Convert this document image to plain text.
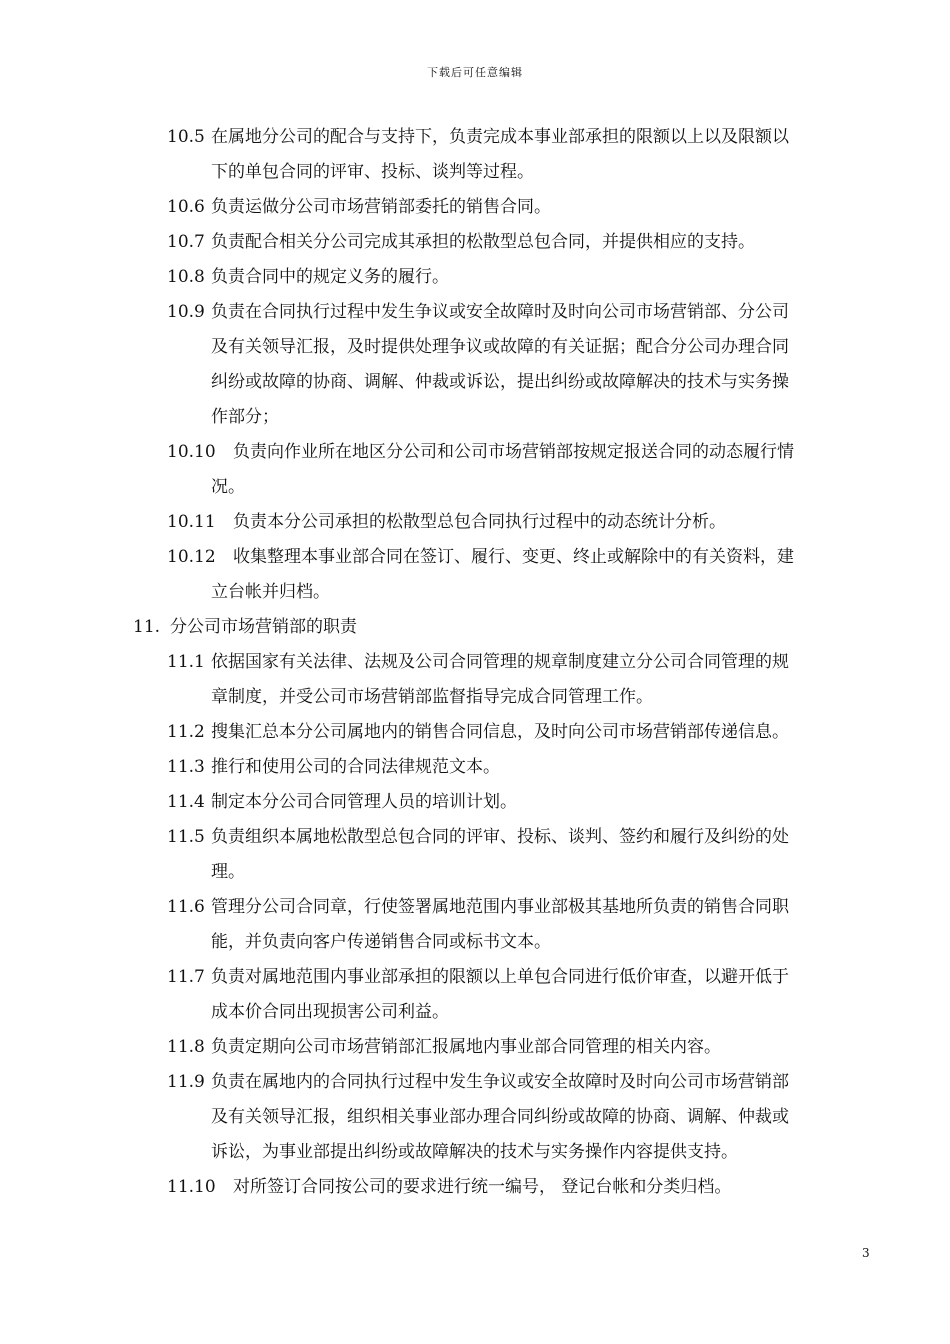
下载后可任意编辑
10.5 在属地分公司的配合与支持下，负责完成本事业部承担的限额以上以及限额以
下的单包合同的评审、投标、谈判等过程。
10.6 负责运做分公司市场营销部委托的销售合同。
10.7 负责配合相关分公司完成其承担的松散型总包合同，并提供相应的支持。
10.8 负责合同中的规定义务的履行。
10.9 负责在合同执行过程中发生争议或安全故障时及时向公司市场营销部、分公司
及有关领导汇报，及时提供处理争议或故障的有关证据；配合分公司办理合同
纠纷或故障的协商、调解、仲裁或诉讼，提出纠纷或故障解决的技术与实务操
作部分；
10.10	负责向作业所在地区分公司和公司市场营销部按规定报送合同的动态履行情
况。
10.11	负责本分公司承担的松散型总包合同执行过程中的动态统计分析。
10.12	收集整理本事业部合同在签订、履行、变更、终止或解除中的有关资料，建
立台帐并归档。
11. 分公司市场营销部的职责
11.1 依据国家有关法律、法规及公司合同管理的规章制度建立分公司合同管理的规
章制度，并受公司市场营销部监督指导完成合同管理工作。
11.2 搜集汇总本分公司属地内的销售合同信息，及时向公司市场营销部传递信息。
11.3 推行和使用公司的合同法律规范文本。
11.4 制定本分公司合同管理人员的培训计划。
11.5 负责组织本属地松散型总包合同的评审、投标、谈判、签约和履行及纠纷的处
理。
11.6 管理分公司合同章，行使签署属地范围内事业部极其基地所负责的销售合同职
能，并负责向客户传递销售合同或标书文本。
11.7 负责对属地范围内事业部承担的限额以上单包合同进行低价审查，以避开低于
成本价合同出现损害公司利益。
11.8 负责定期向公司市场营销部汇报属地内事业部合同管理的相关内容。
11.9 负责在属地内的合同执行过程中发生争议或安全故障时及时向公司市场营销部
及有关领导汇报，组织相关事业部办理合同纠纷或故障的协商、调解、仲裁或
诉讼，为事业部提出纠纷或故障解决的技术与实务操作内容提供支持。
11.10	对所签订合同按公司的要求进行统一编号， 登记台帐和分类归档。
3
